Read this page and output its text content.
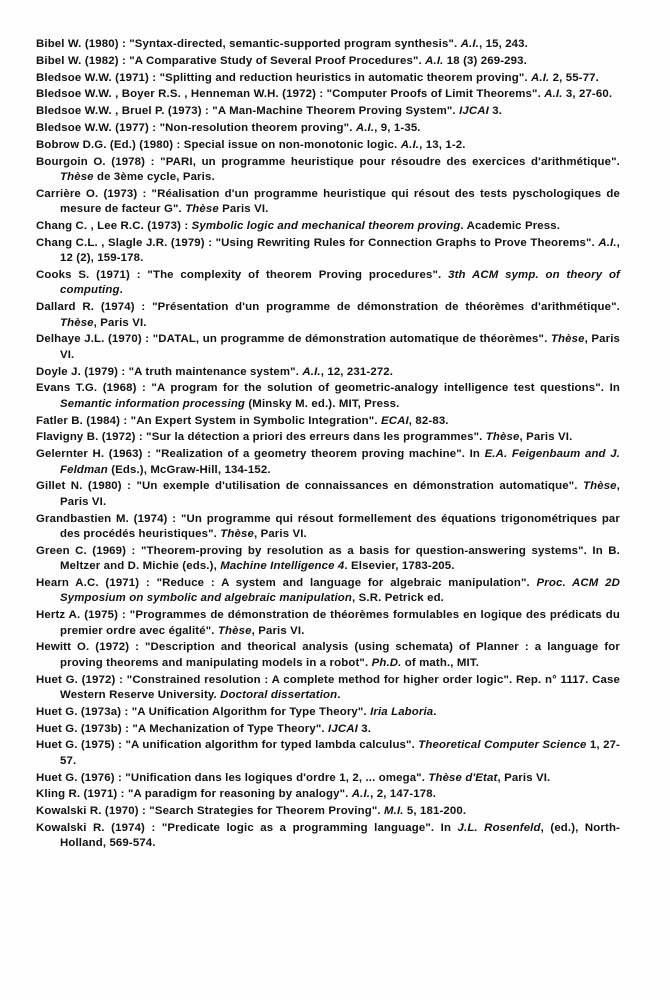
Bibel W. (1980) : "Syntax-directed, semantic-supported program synthesis". A.I., 15, 243.
Bibel W. (1982) : "A Comparative Study of Several Proof Procedures". A.I. 18 (3) 269-293.
Bledsoe W.W. (1971) : "Splitting and reduction heuristics in automatic theorem proving". A.I. 2, 55-77.
Bledsoe W.W. , Boyer R.S. , Henneman W.H. (1972) : "Computer Proofs of Limit Theorems". A.I. 3, 27-60.
Bledsoe W.W. , Bruel P. (1973) : "A Man-Machine Theorem Proving System". IJCAI 3.
Bledsoe W.W. (1977) : "Non-resolution theorem proving". A.I., 9, 1-35.
Bobrow D.G. (Ed.) (1980) : Special issue on non-monotonic logic. A.I., 13, 1-2.
Bourgoin O. (1978) : "PARI, un programme heuristique pour résoudre des exercices d'arithmétique". Thèse de 3ème cycle, Paris.
Carrière O. (1973) : "Réalisation d'un programme heuristique qui résout des tests pyschologiques de mesure de facteur G". Thèse Paris VI.
Chang C. , Lee R.C. (1973) : Symbolic logic and mechanical theorem proving. Academic Press.
Chang C.L. , Slagle J.R. (1979) : "Using Rewriting Rules for Connection Graphs to Prove Theorems". A.I., 12 (2), 159-178.
Cooks S. (1971) : "The complexity of theorem Proving procedures". 3th ACM symp. on theory of computing.
Dallard R. (1974) : "Présentation d'un programme de démonstration de théorèmes d'arithmétique". Thèse, Paris VI.
Delhaye J.L. (1970) : "DATAL, un programme de démonstration automatique de théorèmes". Thèse, Paris VI.
Doyle J. (1979) : "A truth maintenance system". A.I., 12, 231-272.
Evans T.G. (1968) : "A program for the solution of geometric-analogy intelligence test questions". In Semantic information processing (Minsky M. ed.). MIT, Press.
Fatler B. (1984) : "An Expert System in Symbolic Integration". ECAI, 82-83.
Flavigny B. (1972) : "Sur la détection a priori des erreurs dans les programmes". Thèse, Paris VI.
Gelernter H. (1963) : "Realization of a geometry theorem proving machine". In E.A. Feigenbaum and J. Feldman (Eds.), McGraw-Hill, 134-152.
Gillet N. (1980) : "Un exemple d'utilisation de connaissances en démonstration automatique". Thèse, Paris VI.
Grandbastien M. (1974) : "Un programme qui résout formellement des équations trigonométriques par des procédés heuristiques". Thèse, Paris VI.
Green C. (1969) : "Theorem-proving by resolution as a basis for question-answering systems". In B. Meltzer and D. Michie (eds.), Machine Intelligence 4. Elsevier, 1783-205.
Hearn A.C. (1971) : "Reduce : A system and language for algebraic manipulation". Proc. ACM 2D Symposium on symbolic and algebraic manipulation, S.R. Petrick ed.
Hertz A. (1975) : "Programmes de démonstration de théorèmes formulables en logique des prédicats du premier ordre avec égalité". Thèse, Paris VI.
Hewitt O. (1972) : "Description and theorical analysis (using schemata) of Planner : a language for proving theorems and manipulating models in a robot". Ph.D. of math., MIT.
Huet G. (1972) : "Constrained resolution : A complete method for higher order logic". Rep. n° 1117. Case Western Reserve University. Doctoral dissertation.
Huet G. (1973a) : "A Unification Algorithm for Type Theory". Iria Laboria.
Huet G. (1973b) : "A Mechanization of Type Theory". IJCAI 3.
Huet G. (1975) : "A unification algorithm for typed lambda calculus". Theoretical Computer Science 1, 27-57.
Huet G. (1976) : "Unification dans les logiques d'ordre 1, 2, ... omega". Thèse d'Etat, Paris VI.
Kling R. (1971) : "A paradigm for reasoning by analogy". A.I., 2, 147-178.
Kowalski R. (1970) : "Search Strategies for Theorem Proving". M.I. 5, 181-200.
Kowalski R. (1974) : "Predicate logic as a programming language". In J.L. Rosenfeld, (ed.), North-Holland, 569-574.
